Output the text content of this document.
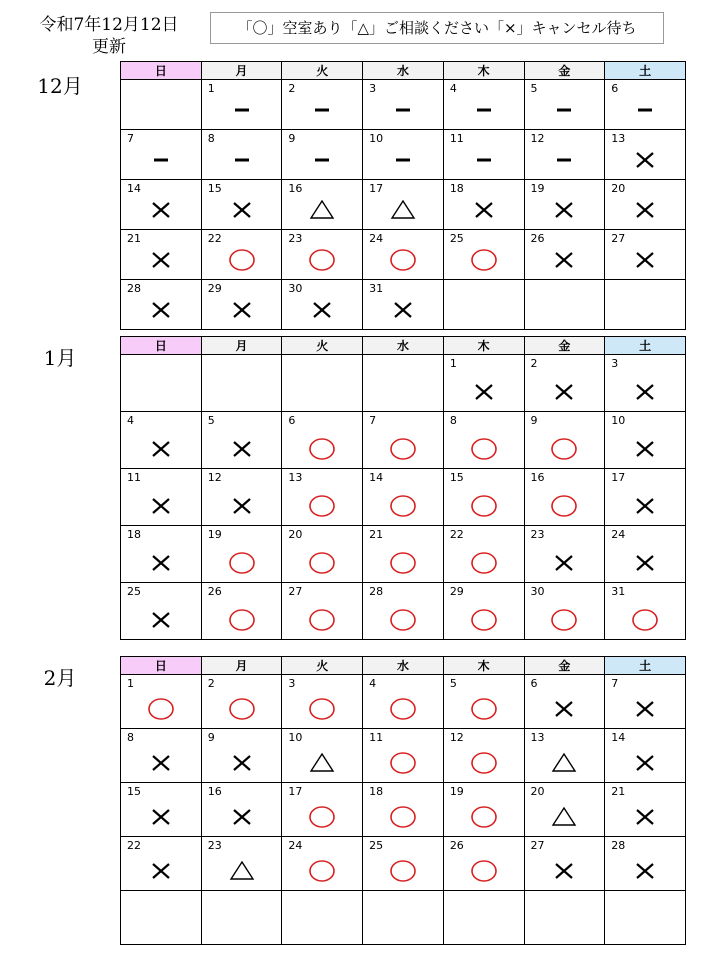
令和7年12月12日
更新
「〇」空室あり「△」ご相談ください「×」キャンセル待ち
12月
日	月	火	水	木	金	土

	1	2	3	4	5	6

7	8	9	10	11	12	13

14	15	16	17	18	19	20

21	22	23	24	25	26	27

28	29	30	31			

1月	日	月	火	水	木	金	土

				1	2	3

4	5	6	7	8	9	10

11	12	13	14	15	16	17

18	19	20	21	22	23	24

25	26	27	28	29	30	31
2月	日	月	火	水	木	金	土

1	2	3	4	5	6	7

8	9	10	11	12	13	14

15	16	17	18	19	20	21

22	23	24	25	26	27	28
